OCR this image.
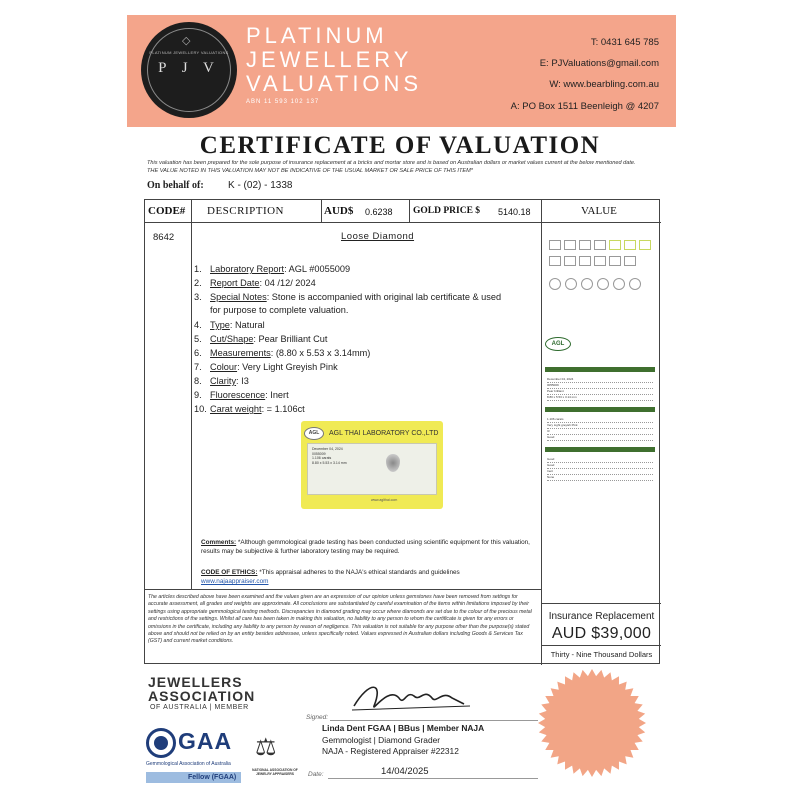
◇
PLATINUM JEWELLERY VALUATIONS
P J V
PLATINUM
JEWELLERY
VALUATIONS
ABN 11 593 102 137
T: 0431 645 785
E: PJValuations@gmail.com
W: www.bearbling.com.au
A: PO Box 1511 Beenleigh @ 4207
CERTIFICATE OF VALUATION
This valuation has been prepared for the sole purpose of insurance replacement at a bricks and mortar store and is based on Australian dollars or market values current at the below mentioned date.
THE VALUE NOTED IN THIS VALUATION MAY NOT BE INDICATIVE OF THE USUAL MARKET OR SALE PRICE OF THIS ITEM*
On behalf of: K - (02) - 1338
CODE# DESCRIPTION	AUD$ 0.6238 GOLD PRICE $ 5140.18	VALUE
8642	Loose Diamond
1. Laboratory Report: AGL #0055009
2. Report Date: 04 /12/ 2024
3. Special Notes: Stone is accompanied with original lab certificate & used
for purpose to complete valuation.
4. Type: Natural
5. Cut/Shape: Pear Brilliant Cut
6. Measurements: (8.80 x 5.53 x 3.14mm)
7. Colour: Very Light Greyish Pink
8. Clarity: I3
9. Fluorescence: Inert
10. Carat weight: = 1.106ct
AGL	AGL THAI LABORATORY CO.,LTD
December 04, 2024
0055009
1.106 carats
8.80 x 5.53 x 3.14 mm
www.aglthai.com
Comments: *Although gemmological grade testing has been conducted using scientific equipment for this valuation, results may be subjective & further laboratory testing may be required.
CODE OF ETHICS: *This appraisal adheres to the NAJA's ethical standards and guidelines
www.najaappraiser.com
AGL
December 04, 2024
0055009
Pear brilliant
8.80 x 5.53 x 3.14 mm
1.106 carats
Very Light greyish Pink
I3
Good
Good
Good
Inert
None
The articles described above have been examined and the values given are an expression of our opinion unless gemstones have been removed from settings for accurate assessment, all grades and weights are approximate. All conclusions are substantiated by careful examination of the items within limitations imposed by their settings using appropriate gemmological testing methods. Discrepancies in diamond grading may occur where diamonds are set due to the colour of the precious metal and restrictions of the settings. Whilst all care has been taken in making this valuation, no liability to any person to whom the certificate is given for any errors or omissions in the certificate, including any liability to any person by reason of negligence. This valuation is not suitable for any purpose other than the purpose(s) stated above and should not be relied on by an entity besides addressee, unless specifically noted. Values expressed in Australian dollars including Goods & Services Tax (GST) and current market conditions.
Insurance Replacement
AUD $39,000
Thirty - Nine Thousand Dollars
JEWELLERS
ASSOCIATION
OF AUSTRALIA | MEMBER
GAA
Gemmological Association of Australia
Fellow (FGAA)
⚖
NATIONAL ASSOCIATION OF JEWELRY APPRAISERS
Signed:
Linda Dent FGAA | BBus | Member NAJA
Gemmologist | Diamond Grader
NAJA - Registered Appraiser #22312
Date:	14/04/2025
